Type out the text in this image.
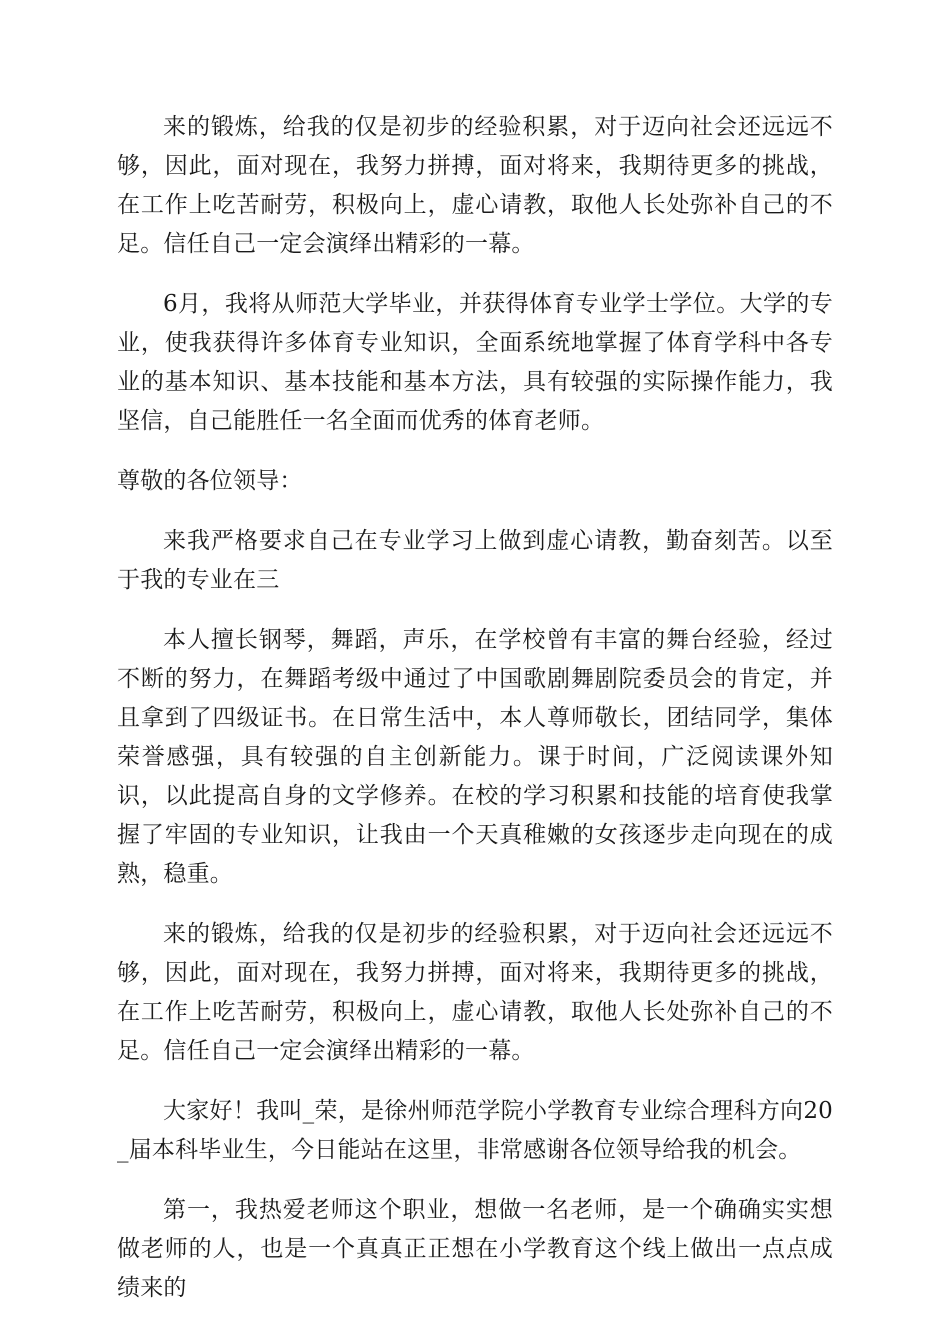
来的锻炼，给我的仅是初步的经验积累，对于迈向社会还远远不够，因此，面对现在，我努力拼搏，面对将来，我期待更多的挑战，在工作上吃苦耐劳，积极向上，虚心请教，取他人长处弥补自己的不足。信任自己一定会演绎出精彩的一幕。

6月，我将从师范大学毕业，并获得体育专业学士学位。大学的专业，使我获得许多体育专业知识，全面系统地掌握了体育学科中各专业的基本知识、基本技能和基本方法，具有较强的实际操作能力，我坚信，自己能胜任一名全面而优秀的体育老师。

尊敬的各位领导：

来我严格要求自己在专业学习上做到虚心请教，勤奋刻苦。以至于我的专业在三

本人擅长钢琴，舞蹈，声乐，在学校曾有丰富的舞台经验，经过不断的努力，在舞蹈考级中通过了中国歌剧舞剧院委员会的肯定，并且拿到了四级证书。在日常生活中，本人尊师敬长，团结同学，集体荣誉感强，具有较强的自主创新能力。课于时间，广泛阅读课外知识，以此提高自身的文学修养。在校的学习积累和技能的培育使我掌握了牢固的专业知识，让我由一个天真稚嫩的女孩逐步走向现在的成熟，稳重。

来的锻炼，给我的仅是初步的经验积累，对于迈向社会还远远不够，因此，面对现在，我努力拼搏，面对将来，我期待更多的挑战，在工作上吃苦耐劳，积极向上，虚心请教，取他人长处弥补自己的不足。信任自己一定会演绎出精彩的一幕。

大家好！我叫_荣，是徐州师范学院小学教育专业综合理科方向20_届本科毕业生，今日能站在这里，非常感谢各位领导给我的机会。

第一，我热爱老师这个职业，想做一名老师，是一个确确实实想做老师的人，也是一个真真正正想在小学教育这个线上做出一点点成绩来的
